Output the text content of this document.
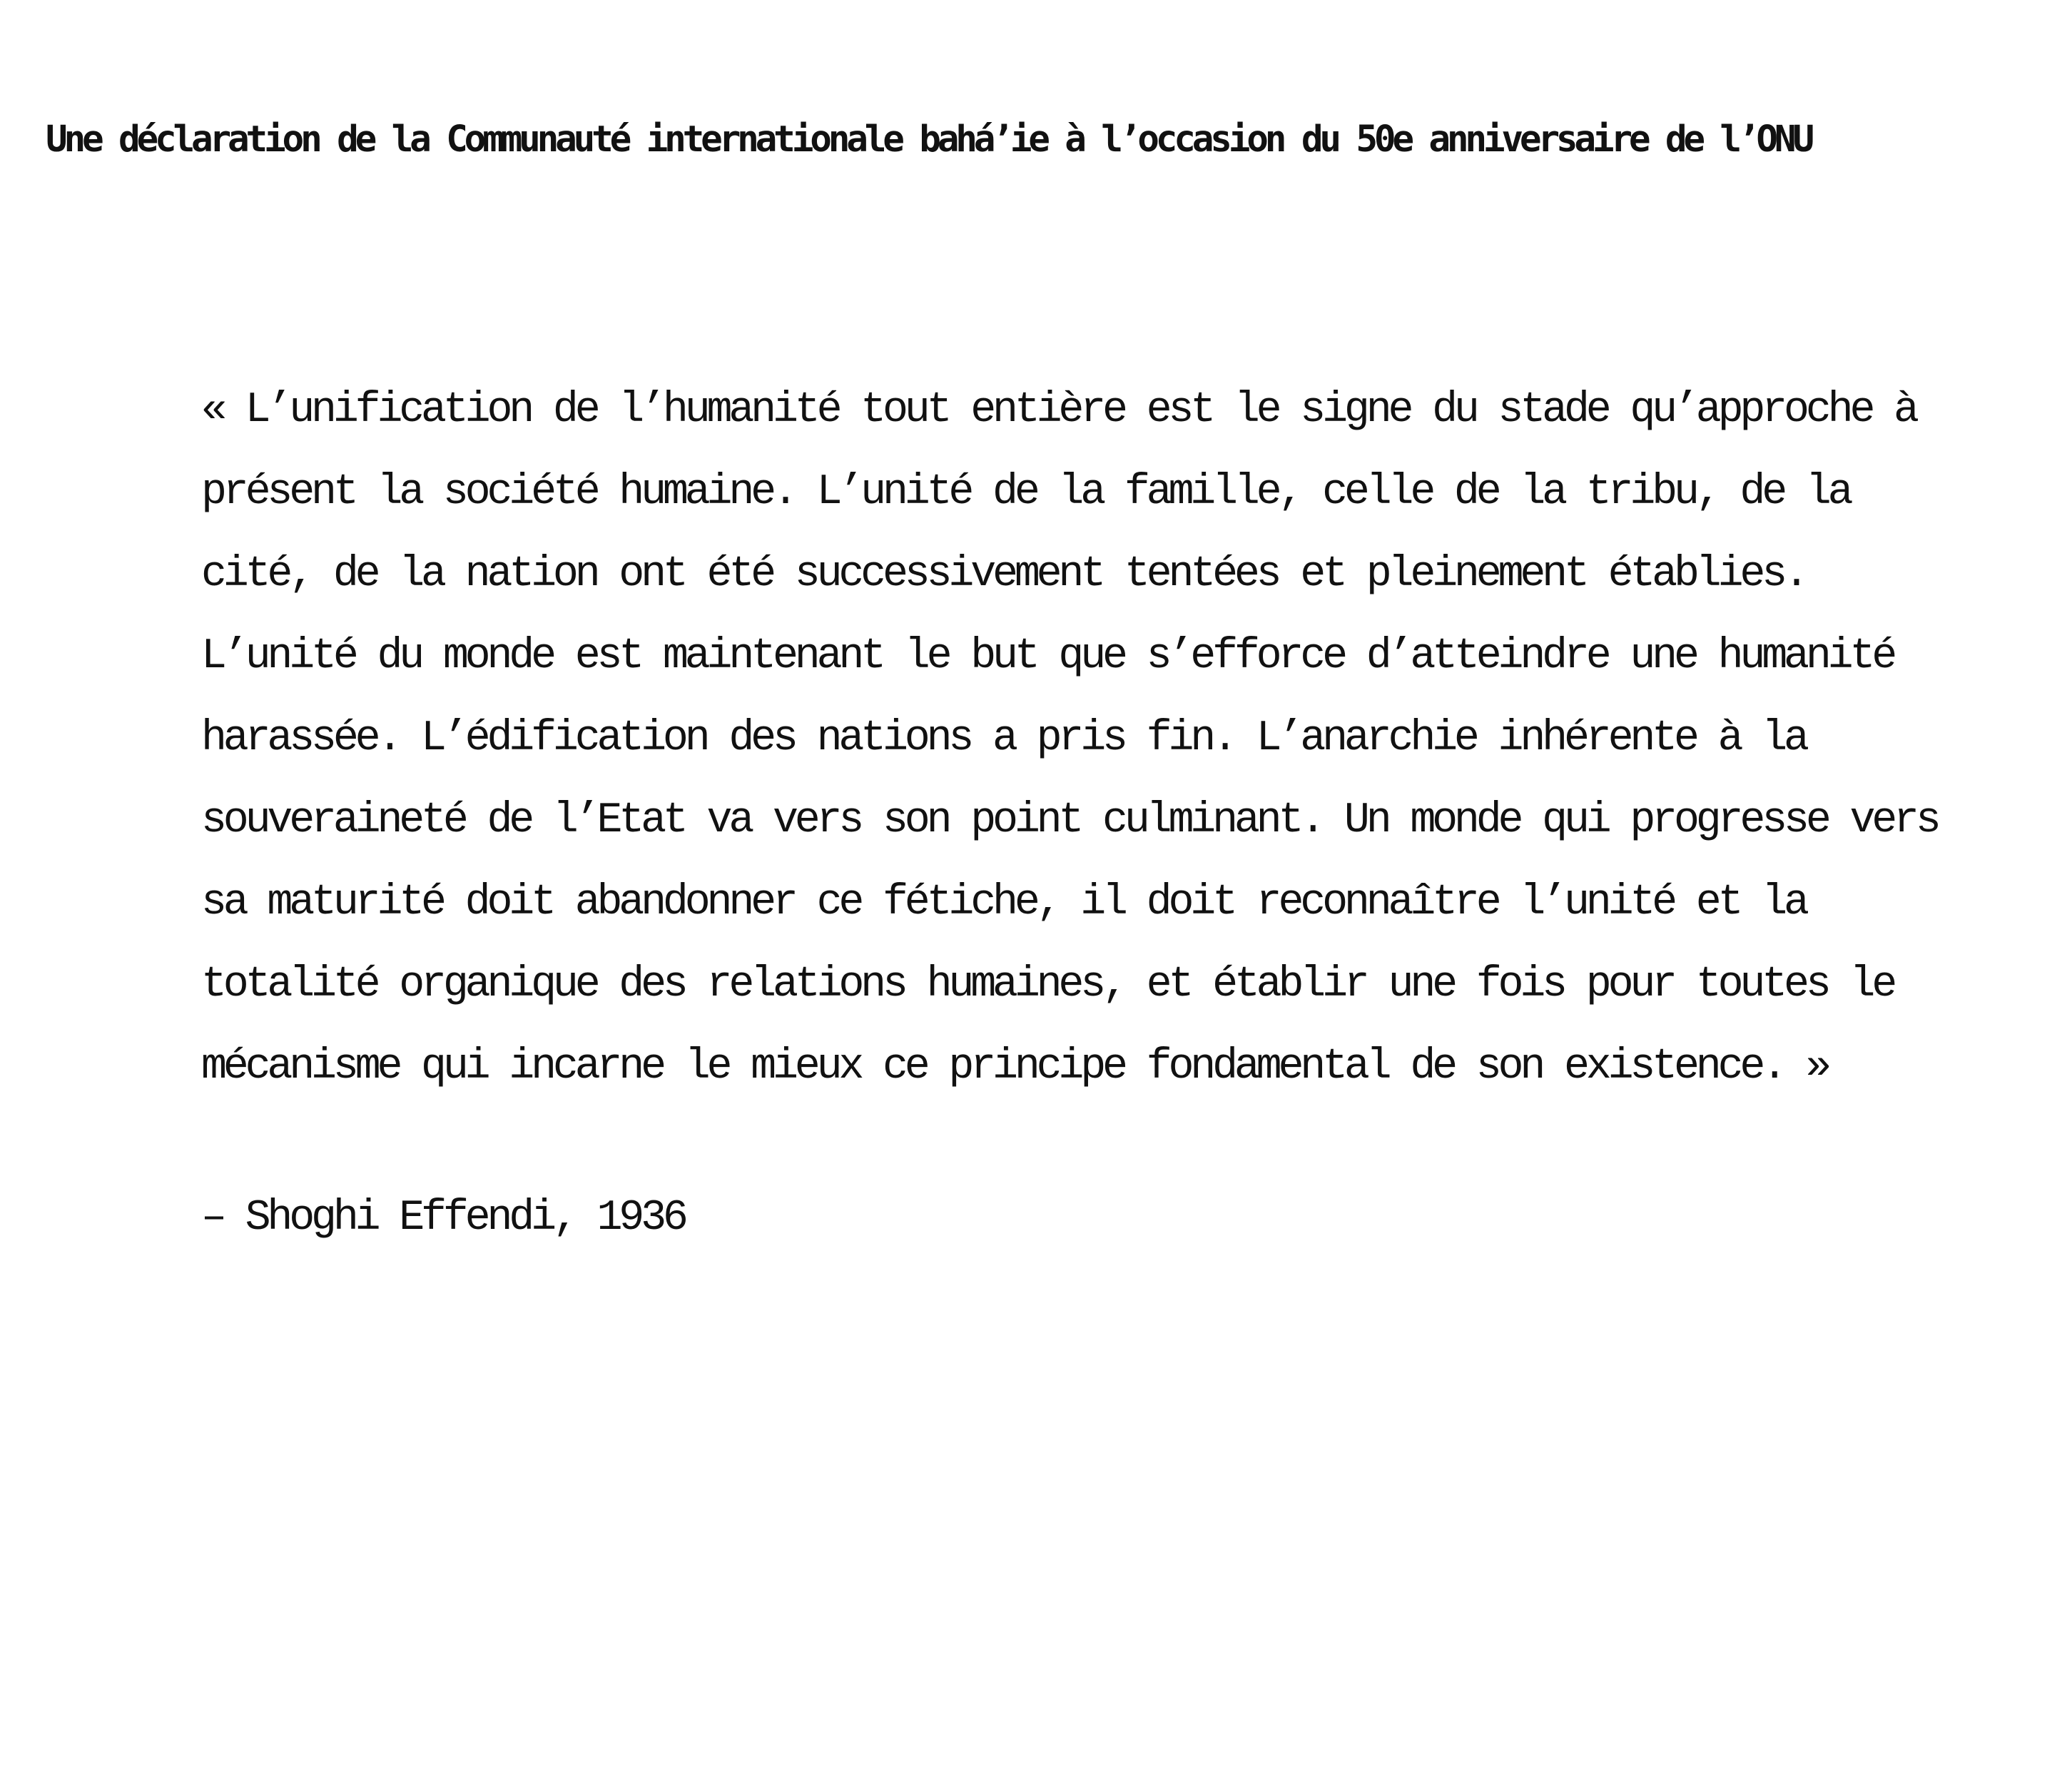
Une déclaration de la Communauté internationale bahá’ie à l’occasion du 50e anniversaire de l’ONU
« L’unification de l’humanité tout entière est le signe du stade qu’approche à
présent la société humaine. L’unité de la famille, celle de la tribu, de la
cité, de la nation ont été successivement tentées et pleinement établies.
L’unité du monde est maintenant le but que s’efforce d’atteindre une humanité
harassée. L’édification des nations a pris fin. L’anarchie inhérente à la
souveraineté de l’Etat va vers son point culminant. Un monde qui progresse vers
sa maturité doit abandonner ce fétiche, il doit reconnaître l’unité et la
totalité organique des relations humaines, et établir une fois pour toutes le
mécanisme qui incarne le mieux ce principe fondamental de son existence. »

– Shoghi Effendi, 1936
